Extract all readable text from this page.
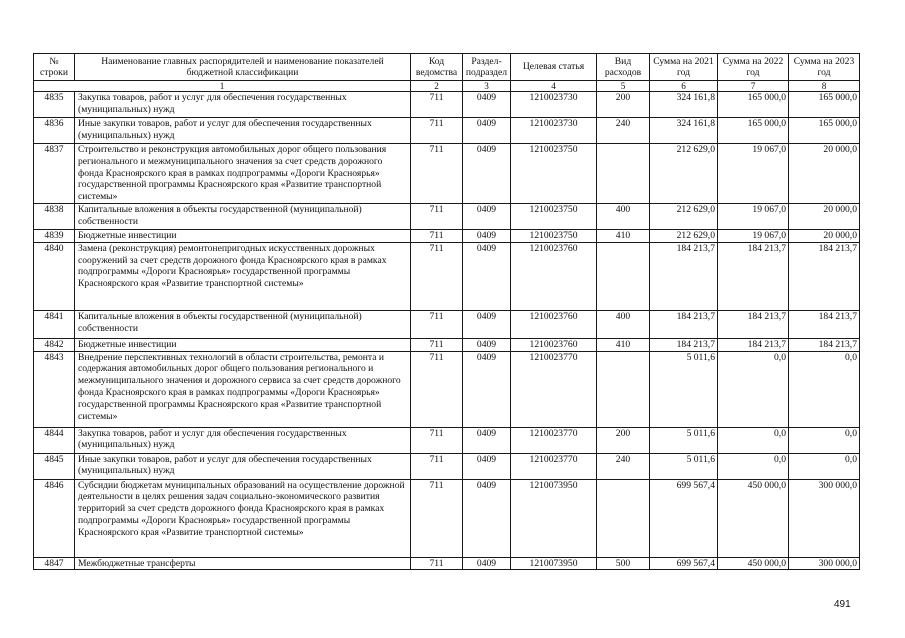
№ строки	Наименование главных распорядителей и наименование показателей бюджетной классификации	Код ведомства	Раздел-подраздел	Целевая статья	Вид расходов	Сумма на 2021 год	Сумма на 2022 год	Сумма на 2023 год
1		2	3	4	5	6	7	8
4835	Закупка товаров, работ и услуг для обеспечения государственных (муниципальных) нужд	711	0409	1210023730	200	324 161,8	165 000,0	165 000,0
4836	Иные закупки товаров, работ и услуг для обеспечения государственных (муниципальных) нужд	711	0409	1210023730	240	324 161,8	165 000,0	165 000,0
4837	Строительство и реконструкция автомобильных дорог общего пользования регионального и межмуниципального значения за счет средств дорожного фонда Красноярского края в рамках подпрограммы «Дороги Красноярья» государственной программы Красноярского края «Развитие транспортной системы»	711	0409	1210023750		212 629,0	19 067,0	20 000,0
4838	Капитальные вложения в объекты государственной (муниципальной) собственности	711	0409	1210023750	400	212 629,0	19 067,0	20 000,0
4839	Бюджетные инвестиции	711	0409	1210023750	410	212 629,0	19 067,0	20 000,0
4840	Замена (реконструкция) ремонтонепригодных искусственных дорожных сооружений за счет средств дорожного фонда Красноярского края в рамках подпрограммы «Дороги Красноярья» государственной программы Красноярского края «Развитие транспортной системы»	711	0409	1210023760		184 213,7	184 213,7	184 213,7
4841	Капитальные вложения в объекты государственной (муниципальной) собственности	711	0409	1210023760	400	184 213,7	184 213,7	184 213,7
4842	Бюджетные инвестиции	711	0409	1210023760	410	184 213,7	184 213,7	184 213,7
4843	Внедрение перспективных технологий в области строительства, ремонта и содержания автомобильных дорог общего пользования регионального и межмуниципального значения и дорожного сервиса за счет средств дорожного фонда Красноярского края в рамках подпрограммы «Дороги Красноярья» государственной программы Красноярского края «Развитие транспортной системы»	711	0409	1210023770		5 011,6	0,0	0,0
4844	Закупка товаров, работ и услуг для обеспечения государственных (муниципальных) нужд	711	0409	1210023770	200	5 011,6	0,0	0,0
4845	Иные закупки товаров, работ и услуг для обеспечения государственных (муниципальных) нужд	711	0409	1210023770	240	5 011,6	0,0	0,0
4846	Субсидии бюджетам муниципальных образований на осуществление дорожной деятельности в целях решения задач социально-экономического развития территорий за счет средств дорожного фонда Красноярского края в рамках подпрограммы «Дороги Красноярья» государственной программы Красноярского края «Развитие транспортной системы»	711	0409	1210073950		699 567,4	450 000,0	300 000,0
4847	Межбюджетные трансферты	711	0409	1210073950	500	699 567,4	450 000,0	300 000,0
491
